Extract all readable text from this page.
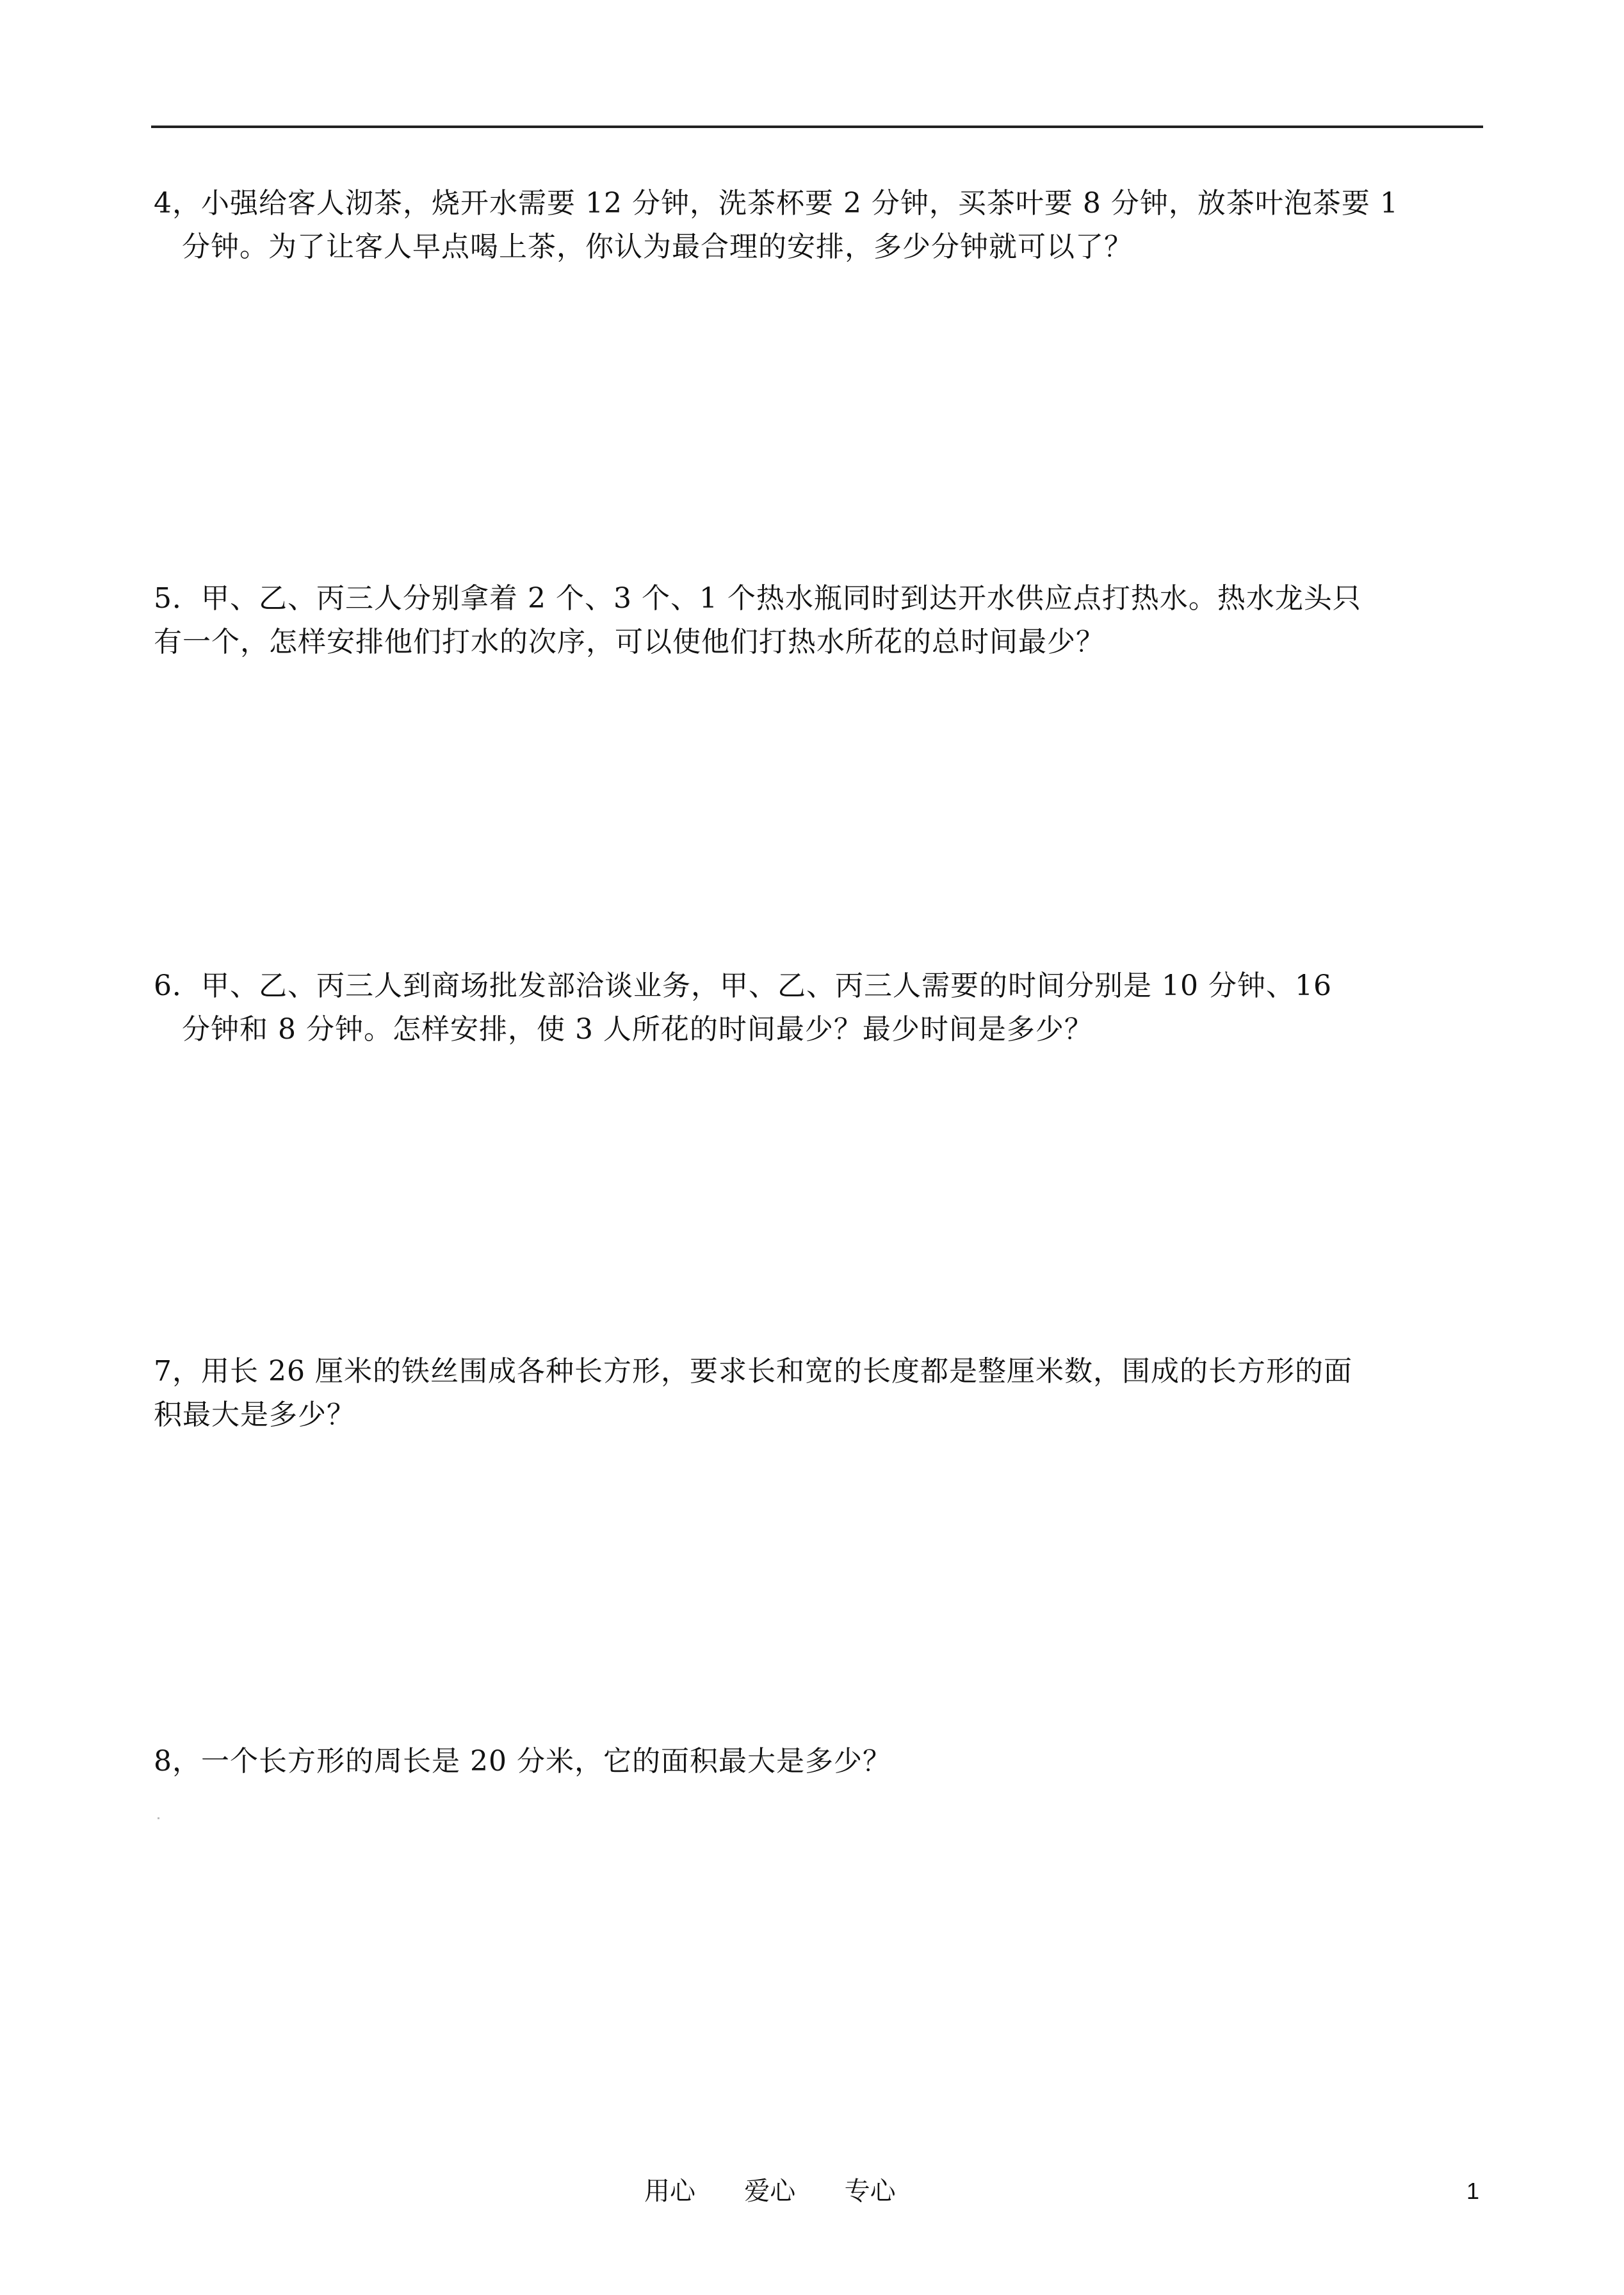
4，小强给客人沏茶，烧开水需要 12 分钟，洗茶杯要 2 分钟，买茶叶要 8 分钟，放茶叶泡茶要 1
分钟。为了让客人早点喝上茶，你认为最合理的安排，多少分钟就可以了？
5．甲、乙、丙三人分别拿着 2 个、3 个、1 个热水瓶同时到达开水供应点打热水。热水龙头只
有一个，怎样安排他们打水的次序，可以使他们打热水所花的总时间最少？
6．甲、乙、丙三人到商场批发部洽谈业务，甲、乙、丙三人需要的时间分别是 10 分钟、16
分钟和 8 分钟。怎样安排，使 3 人所花的时间最少？最少时间是多少？
7，用长 26 厘米的铁丝围成各种长方形，要求长和宽的长度都是整厘米数，围成的长方形的面
积最大是多少？
8，一个长方形的周长是 20 分米，它的面积最大是多少？
用心      爱心      专心	1
